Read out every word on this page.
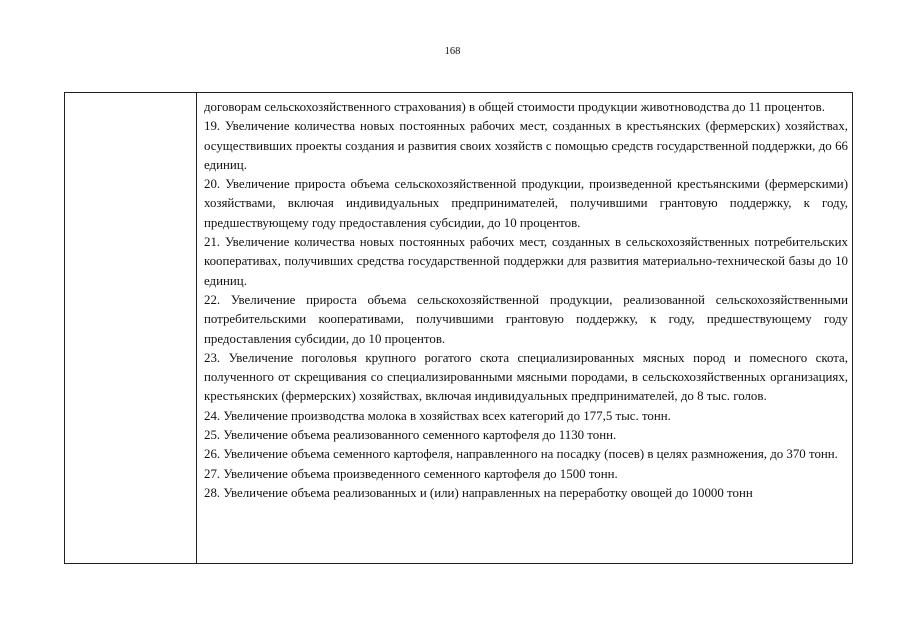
168

договорам сельскохозяйственного страхования) в общей стоимости продукции животноводства до 11 процентов.

19. Увеличение количества новых постоянных рабочих мест, созданных в крестьянских (фермерских) хозяйствах, осуществивших проекты создания и развития своих хозяйств с помощью средств государственной поддержки, до 66 единиц.

20. Увеличение прироста объема сельскохозяйственной продукции, произведенной крестьянскими (фермерскими) хозяйствами, включая индивидуальных предпринимателей, получившими грантовую поддержку, к году, предшествующему году предоставления субсидии, до 10 процентов.

21. Увеличение количества новых постоянных рабочих мест, созданных в сельскохозяйственных потребительских кооперативах, получивших средства государственной поддержки для развития материально-технической базы до 10 единиц.

22. Увеличение прироста объема сельскохозяйственной продукции, реализованной сельскохозяйственными потребительскими кооперативами, получившими грантовую поддержку, к году, предшествующему году предоставления субсидии, до 10 процентов.

23. Увеличение поголовья крупного рогатого скота специализированных мясных пород и помесного скота, полученного от скрещивания со специализированными мясными породами, в сельскохозяйственных организациях, крестьянских (фермерских) хозяйствах, включая индивидуальных предпринимателей, до 8 тыс. голов.

24. Увеличение производства молока в хозяйствах всех категорий до 177,5 тыс. тонн.

25. Увеличение объема реализованного семенного картофеля до 1130 тонн.

26. Увеличение объема семенного картофеля, направленного на посадку (посев) в целях размножения, до 370 тонн.

27. Увеличение объема произведенного семенного картофеля до 1500 тонн.

28. Увеличение объема реализованных и (или) направленных на переработку овощей до 10000 тонн
